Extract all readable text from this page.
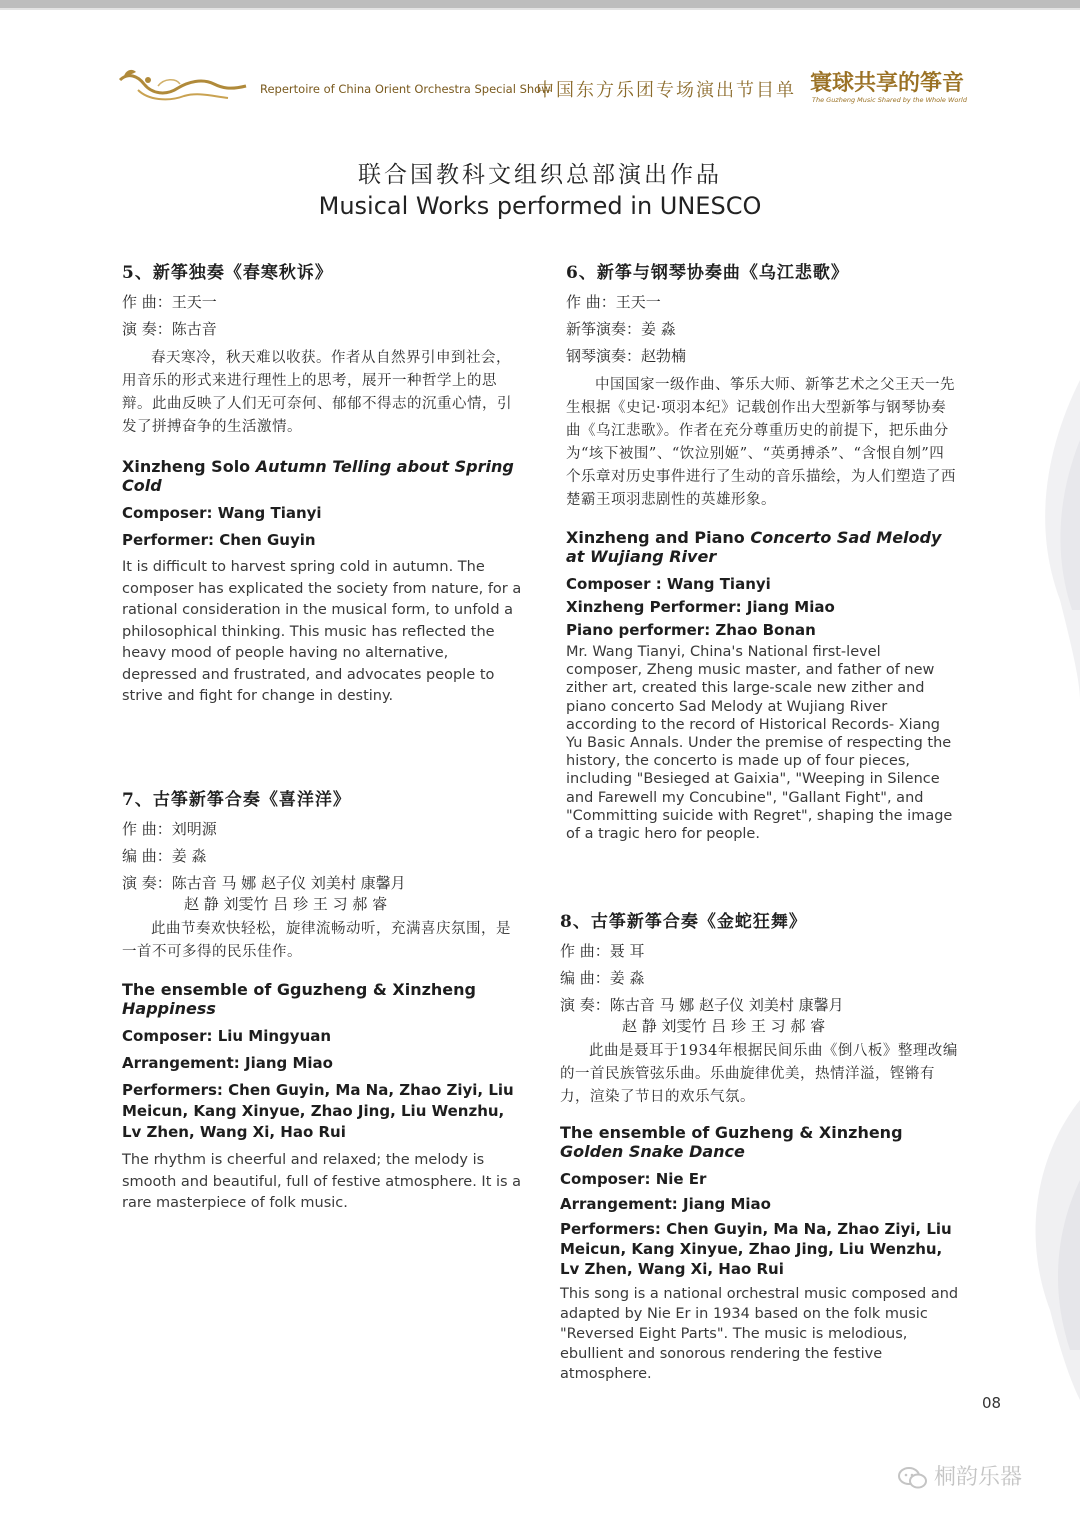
Repertoire of China Orient Orchestra Special Show
中国东方乐团专场演出节目单 寰球共享的筝音
The Guzheng Music Shared by the Whole World
联合国教科文组织总部演出作品
Musical Works performed in UNESCO
5、新筝独奏《春寒秋诉》
作 曲：王天一
演 奏：陈古音

春天寒冷，秋天难以收获。作者从自然界引申到社会，用音乐的形式来进行理性上的思考，展开一种哲学上的思辩。此曲反映了人们无可奈何、郁郁不得志的沉重心情，引发了拼搏奋争的生活激情。

Xinzheng Solo Autumn Telling about Spring Cold
Composer: Wang Tianyi
Performer: Chen Guyin

It is difficult to harvest spring cold in autumn. The composer has explicated the society from nature, for a rational consideration in the musical form, to unfold a philosophical thinking. This music has reflected the heavy mood of people having no alternative, depressed and frustrated, and advocates people to strive and fight for change in destiny.

7、古筝新筝合奏《喜洋洋》
作 曲：刘明源
编 曲：姜 淼
演 奏：陈古音 马 娜 赵子仪 刘美村 康馨月
赵 静 刘雯竹 吕 珍 王 习 郝 睿

此曲节奏欢快轻松，旋律流畅动听，充满喜庆氛围，是一首不可多得的民乐佳作。

The ensemble of Gguzheng & Xinzheng Happiness
Composer: Liu Mingyuan
Arrangement: Jiang Miao
Performers: Chen Guyin, Ma Na, Zhao Ziyi, Liu Meicun, Kang Xinyue, Zhao Jing, Liu Wenzhu, Lv Zhen, Wang Xi, Hao Rui

The rhythm is cheerful and relaxed; the melody is smooth and beautiful, full of festive atmosphere. It is a rare masterpiece of folk music.

6、新筝与钢琴协奏曲《乌江悲歌》
作 曲：王天一
新筝演奏：姜 淼
钢琴演奏：赵勃楠

中国国家一级作曲、筝乐大师、新筝艺术之父王天一先生根据《史记·项羽本纪》记载创作出大型新筝与钢琴协奏曲《乌江悲歌》。作者在充分尊重历史的前提下，把乐曲分为“垓下被围”、“饮泣别姬”、“英勇搏杀”、“含恨自刎”四个乐章对历史事件进行了生动的音乐描绘，为人们塑造了西楚霸王项羽悲剧性的英雄形象。

Xinzheng and Piano Concerto Sad Melody at Wujiang River
Composer : Wang Tianyi
Xinzheng Performer: Jiang Miao
Piano performer: Zhao Bonan

Mr. Wang Tianyi, China's National first-level composer, Zheng music master, and father of new zither art, created this large-scale new zither and piano concerto Sad Melody at Wujiang River according to the record of Historical Records- Xiang Yu Basic Annals. Under the premise of respecting the history, the concerto is made up of four pieces, including "Besieged at Gaixia", "Weeping in Silence and Farewell my Concubine", "Gallant Fight", and "Committing suicide with Regret", shaping the image of a tragic hero for people.

8、古筝新筝合奏《金蛇狂舞》
作 曲：聂 耳
编 曲：姜 淼
演 奏：陈古音 马 娜 赵子仪 刘美村 康馨月
赵 静 刘雯竹 吕 珍 王 习 郝 睿

此曲是聂耳于1934年根据民间乐曲《倒八板》整理改编的一首民族管弦乐曲。乐曲旋律优美，热情洋溢，铿锵有力，渲染了节日的欢乐气氛。

The ensemble of Guzheng & Xinzheng Golden Snake Dance
Composer: Nie Er
Arrangement: Jiang Miao
Performers: Chen Guyin, Ma Na, Zhao Ziyi, Liu Meicun, Kang Xinyue, Zhao Jing, Liu Wenzhu, Lv Zhen, Wang Xi, Hao Rui

This song is a national orchestral music composed and adapted by Nie Er in 1934 based on the folk music "Reversed Eight Parts". The music is melodious, ebullient and sonorous rendering the festive atmosphere.

08
桐韵乐器
